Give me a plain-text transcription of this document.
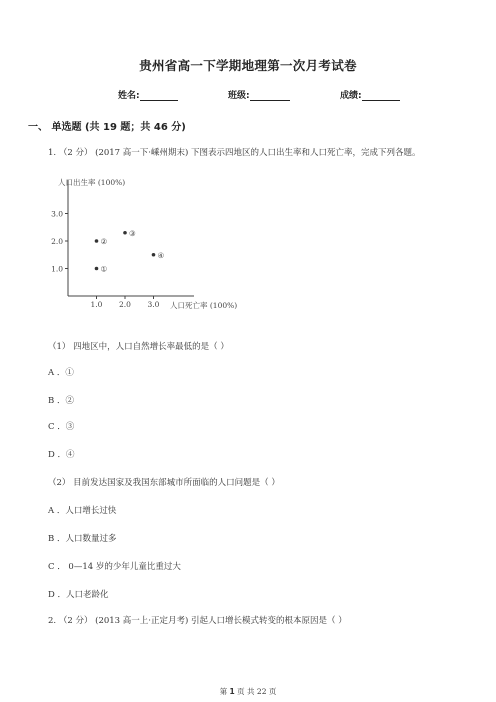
贵州省高一下学期地理第一次月考试卷
姓名:	班级:	成绩:
一、 单选题 (共 19 题；共 46 分)
1. （2 分） (2017 高一下·嵊州期末) 下图表示四地区的人口出生率和人口死亡率，完成下列各题。
1.0
2.0
3.0
1.0 2.0 3.0
①
②
③
④
人口出生率 (100%)
人口死亡率 (100%)
（1） 四地区中，人口自然增长率最低的是（ ）
A ．①
B ．②
C ．③
D ．④
（2） 目前发达国家及我国东部城市所面临的人口问题是（ ）
A ．人口增长过快
B ．人口数量过多
C ． 0—14 岁的少年儿童比重过大
D ．人口老龄化
2. （2 分） (2013 高一上·正定月考) 引起人口增长模式转变的根本原因是（ ）
第 1 页 共 22 页
